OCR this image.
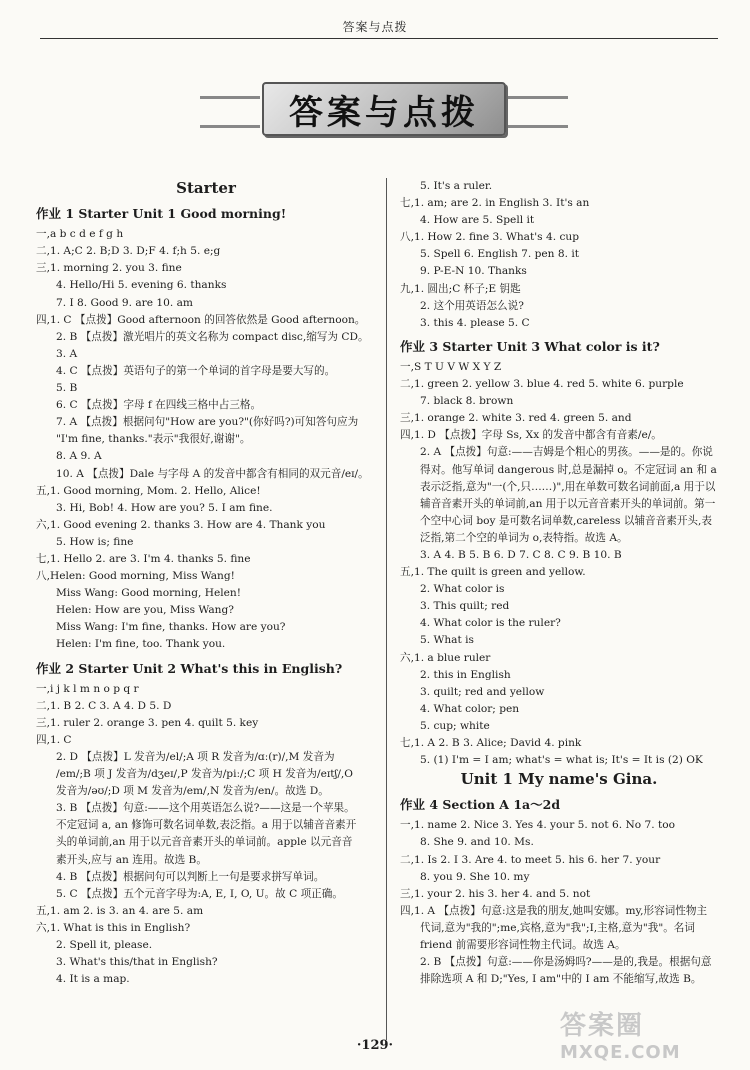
答案与点拨
答案与点拨
Starter
作业 1 Starter Unit 1 Good morning!
一,a b c d e f g h
二,1. A;C 2. B;D 3. D;F 4. f;h 5. e;g
三,1. morning 2. you 3. fine
4. Hello/Hi 5. evening 6. thanks
7. I 8. Good 9. are 10. am
四,1. C 【点拨】Good afternoon 的回答依然是 Good afternoon。
2. B 【点拨】激光唱片的英文名称为 compact disc,缩写为 CD。
3. A
4. C 【点拨】英语句子的第一个单词的首字母是要大写的。
5. B
6. C 【点拨】字母 f 在四线三格中占三格。
7. A 【点拨】根据问句"How are you?"(你好吗?)可知答句应为
"I'm fine, thanks."表示"我很好,谢谢"。
8. A 9. A
10. A 【点拨】Dale 与字母 A 的发音中都含有相同的双元音/eɪ/。
五,1. Good morning, Mom. 2. Hello, Alice!
3. Hi, Bob! 4. How are you? 5. I am fine.
六,1. Good evening 2. thanks 3. How are 4. Thank you
5. How is; fine
七,1. Hello 2. are 3. I'm 4. thanks 5. fine
八,Helen: Good morning, Miss Wang!
Miss Wang: Good morning, Helen!
Helen: How are you, Miss Wang?
Miss Wang: I'm fine, thanks. How are you?
Helen: I'm fine, too. Thank you.
作业 2 Starter Unit 2 What's this in English?
一,i j k l m n o p q r
二,1. B 2. C 3. A 4. D 5. D
三,1. ruler 2. orange 3. pen 4. quilt 5. key
四,1. C
2. D 【点拨】L 发音为/el/;A 项 R 发音为/ɑː(r)/,M 发音为
/em/;B 项 J 发音为/dʒeɪ/,P 发音为/piː/;C 项 H 发音为/eɪtʃ/,O
发音为/əʊ/;D 项 M 发音为/em/,N 发音为/en/。故选 D。
3. B 【点拨】句意:——这个用英语怎么说?——这是一个苹果。
不定冠词 a, an 修饰可数名词单数,表泛指。a 用于以辅音音素开
头的单词前,an 用于以元音音素开头的单词前。apple 以元音音
素开头,应与 an 连用。故选 B。
4. B 【点拨】根据问句可以判断上一句是要求拼写单词。
5. C 【点拨】五个元音字母为:A, E, I, O, U。故 C 项正确。
五,1. am 2. is 3. an 4. are 5. am
六,1. What is this in English?
2. Spell it, please.
3. What's this/that in English?
4. It is a map.
5. It's a ruler.
七,1. am; are 2. in English 3. It's an
4. How are 5. Spell it
八,1. How 2. fine 3. What's 4. cup
5. Spell 6. English 7. pen 8. it
9. P-E-N 10. Thanks
九,1. 圆出;C 杯子;E 钥匙
2. 这个用英语怎么说?
3. this 4. please 5. C
作业 3 Starter Unit 3 What color is it?
一,S T U V W X Y Z
二,1. green 2. yellow 3. blue 4. red 5. white 6. purple
7. black 8. brown
三,1. orange 2. white 3. red 4. green 5. and
四,1. D 【点拨】字母 Ss, Xx 的发音中都含有音素/e/。
2. A 【点拨】句意:——吉姆是个粗心的男孩。——是的。你说
得对。他写单词 dangerous 时,总是漏掉 o。不定冠词 an 和 a 表示泛指,意为"一(个,只……)",用在单数可数名词前面,a 用于以辅音音素开头的单词前,an 用于以元音音素开头的单词前。第一个空中心词 boy 是可数名词单数,careless 以辅音音素开头,表泛指,第二个空的单词为 o,表特指。故选 A。
3. A 4. B 5. B 6. D 7. C 8. C 9. B 10. B
五,1. The quilt is green and yellow.
2. What color is
3. This quilt; red
4. What color is the ruler?
5. What is
六,1. a blue ruler
2. this in English
3. quilt; red and yellow
4. What color; pen
5. cup; white
七,1. A 2. B 3. Alice; David 4. pink
5. (1) I'm = I am; what's = what is; It's = It is (2) OK
Unit 1 My name's Gina.
作业 4 Section A 1a～2d
一,1. name 2. Nice 3. Yes 4. your 5. not 6. No 7. too
8. She 9. and 10. Ms.
二,1. Is 2. I 3. Are 4. to meet 5. his 6. her 7. your
8. you 9. She 10. my
三,1. your 2. his 3. her 4. and 5. not
四,1. A 【点拨】句意:这是我的朋友,她叫安娜。my,形容词性物主
代词,意为"我的";me,宾格,意为"我";I,主格,意为"我"。名词 friend 前需要形容词性物主代词。故选 A。
2. B 【点拨】句意:——你是汤姆吗?——是的,我是。根据句意
排除选项 A 和 D;"Yes, I am"中的 I am 不能缩写,故选 B。
·129·
答案圈
MXQE.COM
